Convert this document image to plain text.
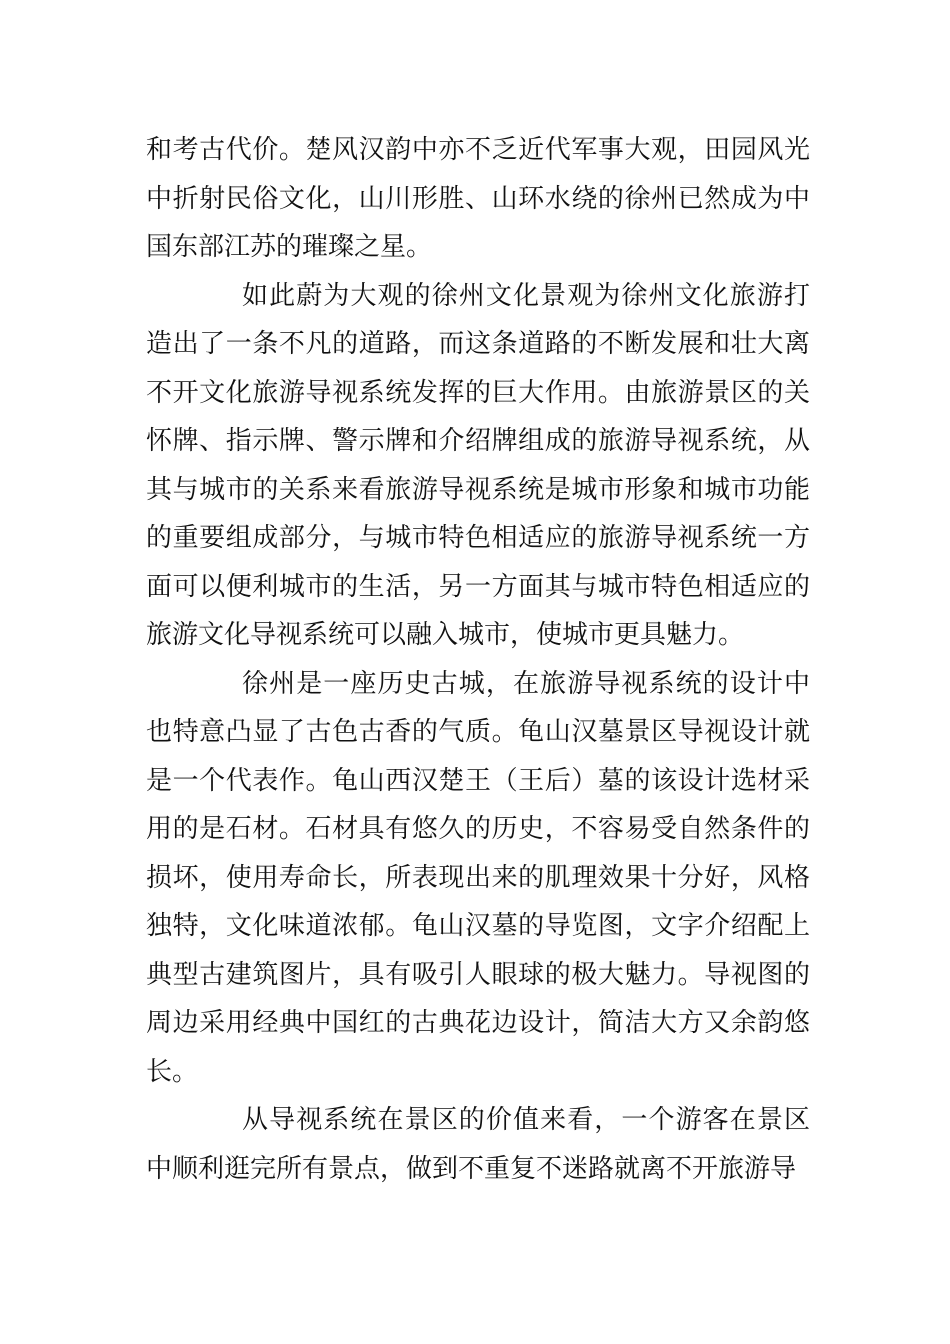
和考古代价。楚风汉韵中亦不乏近代军事大观，田园风光中折射民俗文化，山川形胜、山环水绕的徐州已然成为中国东部江苏的璀璨之星。

如此蔚为大观的徐州文化景观为徐州文化旅游打造出了一条不凡的道路，而这条道路的不断发展和壮大离不开文化旅游导视系统发挥的巨大作用。由旅游景区的关怀牌、指示牌、警示牌和介绍牌组成的旅游导视系统，从其与城市的关系来看旅游导视系统是城市形象和城市功能的重要组成部分，与城市特色相适应的旅游导视系统一方面可以便利城市的生活，另一方面其与城市特色相适应的旅游文化导视系统可以融入城市，使城市更具魅力。

徐州是一座历史古城，在旅游导视系统的设计中也特意凸显了古色古香的气质。龟山汉墓景区导视设计就是一个代表作。龟山西汉楚王（王后）墓的该设计选材采用的是石材。石材具有悠久的历史，不容易受自然条件的损坏，使用寿命长，所表现出来的肌理效果十分好，风格独特，文化味道浓郁。龟山汉墓的导览图，文字介绍配上典型古建筑图片，具有吸引人眼球的极大魅力。导视图的周边采用经典中国红的古典花边设计，简洁大方又余韵悠长。

从导视系统在景区的价值来看，一个游客在景区中顺利逛完所有景点，做到不重复不迷路就离不开旅游导
